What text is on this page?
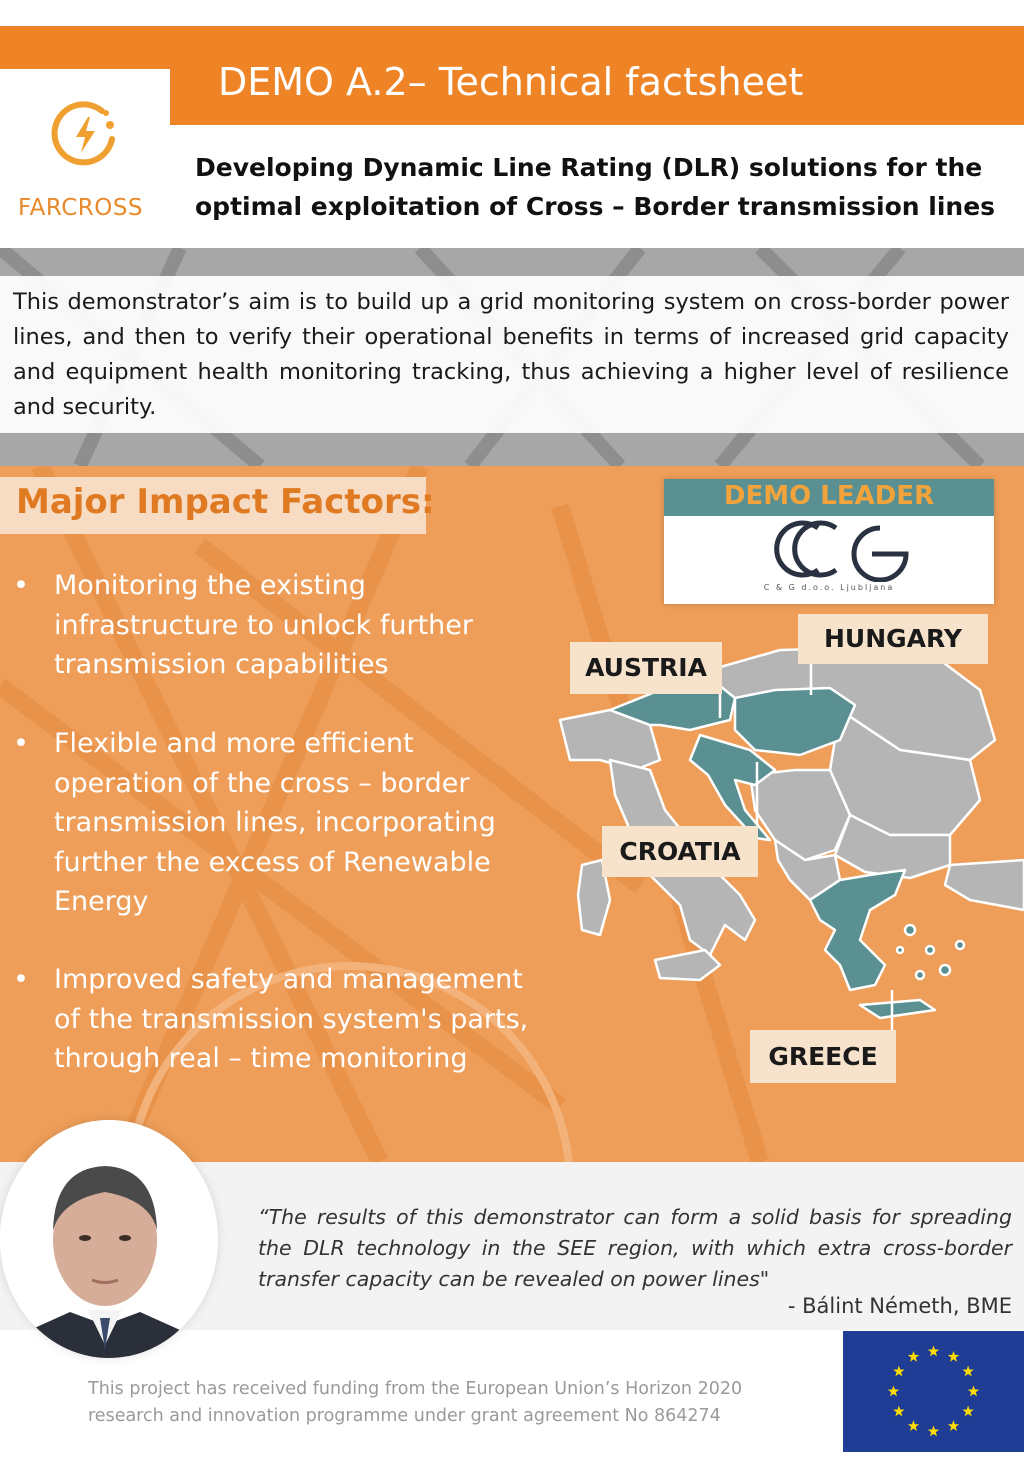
DEMO A.2– Technical factsheet
FARCROSS
Developing Dynamic Line Rating (DLR) solutions for the
optimal exploitation of Cross – Border transmission lines
This demonstrator’s aim is to build up a grid monitoring system on cross-border power lines, and then to verify their operational benefits in terms of increased grid capacity and equipment health monitoring tracking, thus achieving a higher level of resilience and security.
Major Impact Factors:
• Monitoring the existing infrastructure to unlock further transmission capabilities
• Flexible and more efficient operation of the cross – border transmission lines, incorporating further the excess of Renewable Energy
• Improved safety and management of the transmission system's parts, through real – time monitoring
DEMO LEADER
C & G d.o.o. Ljubljana
HUNGARY
AUSTRIA
CROATIA
GREECE
“The results of this demonstrator can form a solid basis for spreading the DLR technology in the SEE region, with which extra cross-border transfer capacity can be revealed on power lines"
- Bálint Németh, BME
This project has received funding from the European Union’s Horizon 2020
research and innovation programme under grant agreement No 864274
